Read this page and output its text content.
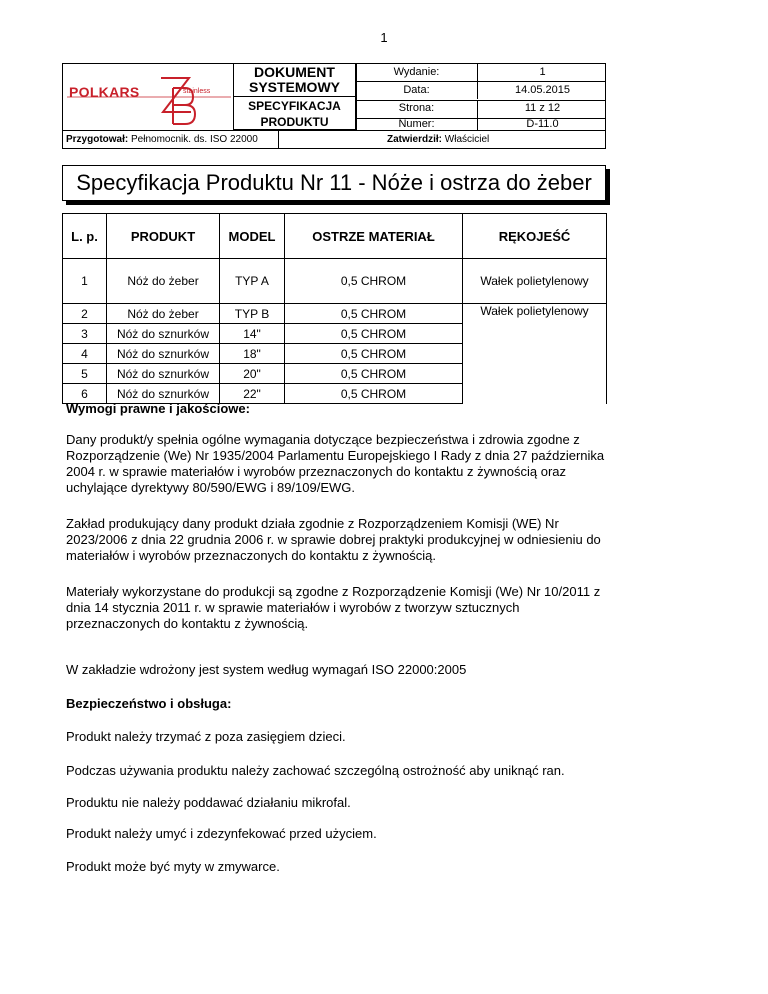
1
POLKARS	stainless
DOKUMENT SYSTEMOWY
SPECYFIKACJA PRODUKTU
Wydanie:	1
Data:	14.05.2015
Strona:	11 z 12
Numer:	D-11.0
Przygotował: Pełnomocnik. ds. ISO 22000	Zatwierdził: Właściciel
Specyfikacja Produktu Nr 11 - Nóże i ostrza do żeber
L. p.	PRODUKT	MODEL	OSTRZE MATERIAŁ	RĘKOJEŚĆ
1	Nóż do żeber	TYP A	0,5 CHROM	Wałek polietylenowy
2	Nóż do żeber	TYP B	0,5 CHROM	Wałek polietylenowy
3	Nóż do sznurków	14"	0,5 CHROM	
4	Nóż do sznurków	18"	0,5 CHROM	
5	Nóż do sznurków	20"	0,5 CHROM	
6	Nóż do sznurków	22"	0,5 CHROM	
Wymogi prawne i jakościowe:
Dany produkt/y spełnia ogólne wymagania dotyczące bezpieczeństwa i zdrowia zgodne z Rozporządzenie (We) Nr 1935/2004 Parlamentu Europejskiego I Rady z dnia 27 października 2004 r. w sprawie materiałów i wyrobów przeznaczonych do kontaktu z żywnością oraz uchylające dyrektywy 80/590/EWG i 89/109/EWG.
Zakład produkujący dany produkt działa zgodnie z Rozporządzeniem Komisji (WE) Nr 2023/2006 z dnia 22 grudnia 2006 r. w sprawie dobrej praktyki produkcyjnej w odniesieniu do materiałów i wyrobów przeznaczonych do kontaktu z żywnością.
Materiały wykorzystane do produkcji są zgodne z Rozporządzenie Komisji (We) Nr 10/2011 z dnia 14 stycznia 2011 r. w sprawie materiałów i wyrobów z tworzyw sztucznych przeznaczonych do kontaktu z żywnością.
W zakładzie wdrożony jest system według wymagań ISO 22000:2005
Bezpieczeństwo i obsługa:
Produkt należy trzymać z poza zasięgiem dzieci.
Podczas używania produktu należy zachować szczególną ostrożność aby uniknąć ran.
Produktu nie należy poddawać działaniu mikrofal.
Produkt należy umyć i zdezynfekować przed użyciem.
Produkt może być myty w zmywarce.
